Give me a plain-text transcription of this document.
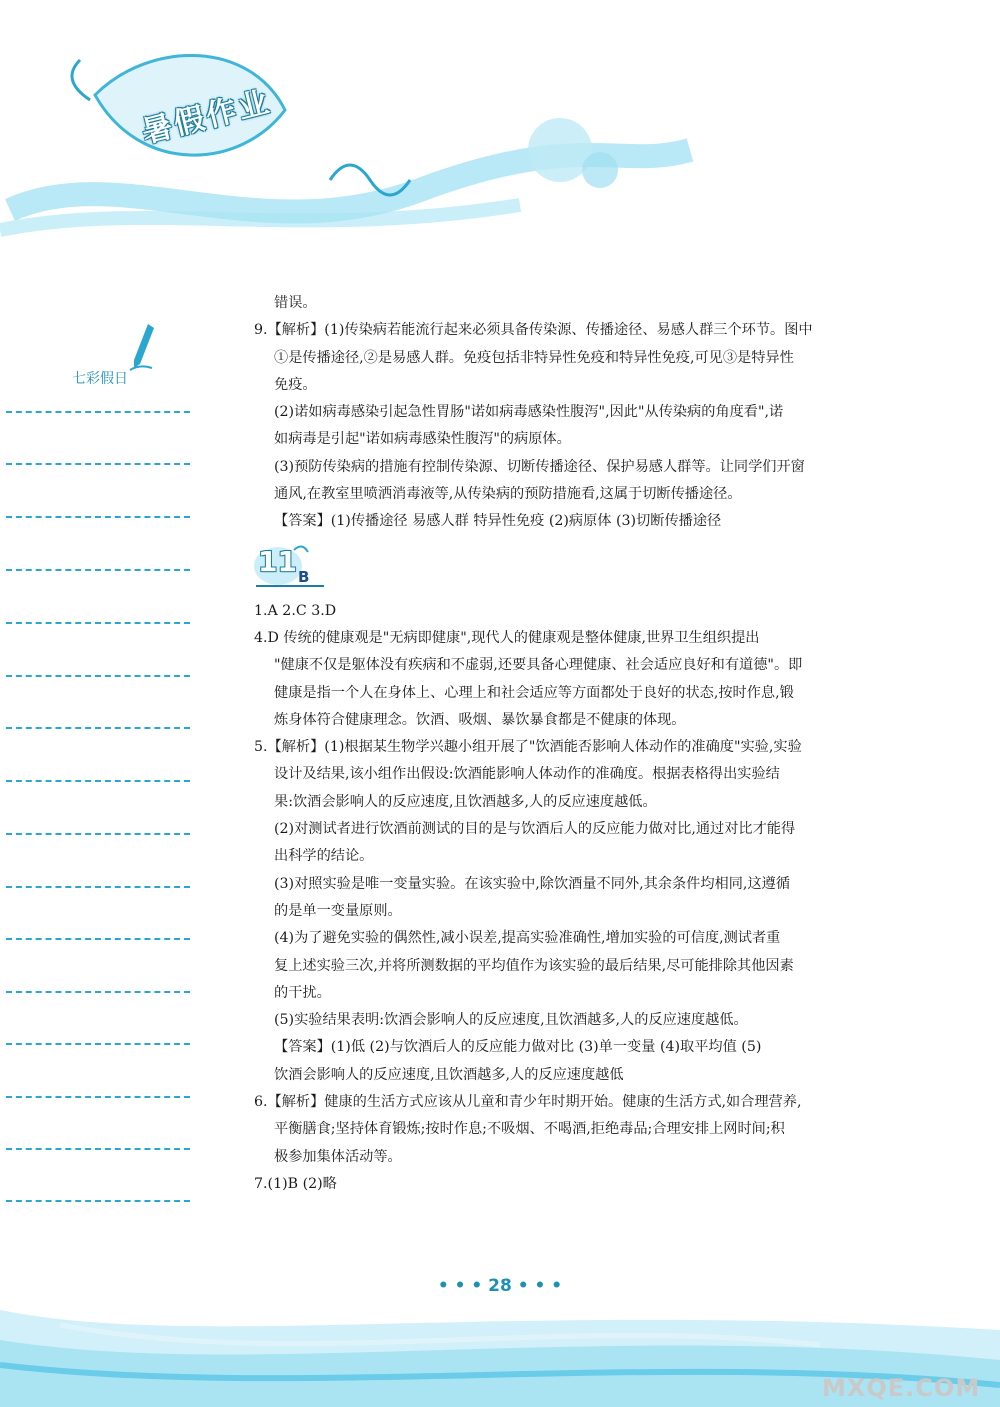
暑假作业
七彩假日

错误。

9.【解析】(1)传染病若能流行起来必须具备传染源、传播途径、易感人群三个环节。图中

①是传播途径,②是易感人群。免疫包括非特异性免疫和特异性免疫,可见③是特异性

免疫。

(2)诺如病毒感染引起急性胃肠"诺如病毒感染性腹泻",因此"从传染病的角度看",诺

如病毒是引起"诺如病毒感染性腹泻"的病原体。

(3)预防传染病的措施有控制传染源、切断传播途径、保护易感人群等。让同学们开窗

通风,在教室里喷洒消毒液等,从传染病的预防措施看,这属于切断传播途径。

【答案】(1)传播途径 易感人群 特异性免疫 (2)病原体 (3)切断传播途径

11 B

1.A 2.C 3.D

4.D 传统的健康观是"无病即健康",现代人的健康观是整体健康,世界卫生组织提出

"健康不仅是躯体没有疾病和不虚弱,还要具备心理健康、社会适应良好和有道德"。即

健康是指一个人在身体上、心理上和社会适应等方面都处于良好的状态,按时作息,锻

炼身体符合健康理念。饮酒、吸烟、暴饮暴食都是不健康的体现。

5.【解析】(1)根据某生物学兴趣小组开展了"饮酒能否影响人体动作的准确度"实验,实验

设计及结果,该小组作出假设:饮酒能影响人体动作的准确度。根据表格得出实验结

果:饮酒会影响人的反应速度,且饮酒越多,人的反应速度越低。

(2)对测试者进行饮酒前测试的目的是与饮酒后人的反应能力做对比,通过对比才能得

出科学的结论。

(3)对照实验是唯一变量实验。在该实验中,除饮酒量不同外,其余条件均相同,这遵循

的是单一变量原则。

(4)为了避免实验的偶然性,减小误差,提高实验准确性,增加实验的可信度,测试者重

复上述实验三次,并将所测数据的平均值作为该实验的最后结果,尽可能排除其他因素

的干扰。

(5)实验结果表明:饮酒会影响人的反应速度,且饮酒越多,人的反应速度越低。

【答案】(1)低 (2)与饮酒后人的反应能力做对比 (3)单一变量 (4)取平均值 (5)

饮酒会影响人的反应速度,且饮酒越多,人的反应速度越低

6.【解析】健康的生活方式应该从儿童和青少年时期开始。健康的生活方式,如合理营养,

平衡膳食;坚持体育锻炼;按时作息;不吸烟、不喝酒,拒绝毒品;合理安排上网时间;积

极参加集体活动等。

7.(1)B (2)略

• • • 28 • • •
MXQE.COM
